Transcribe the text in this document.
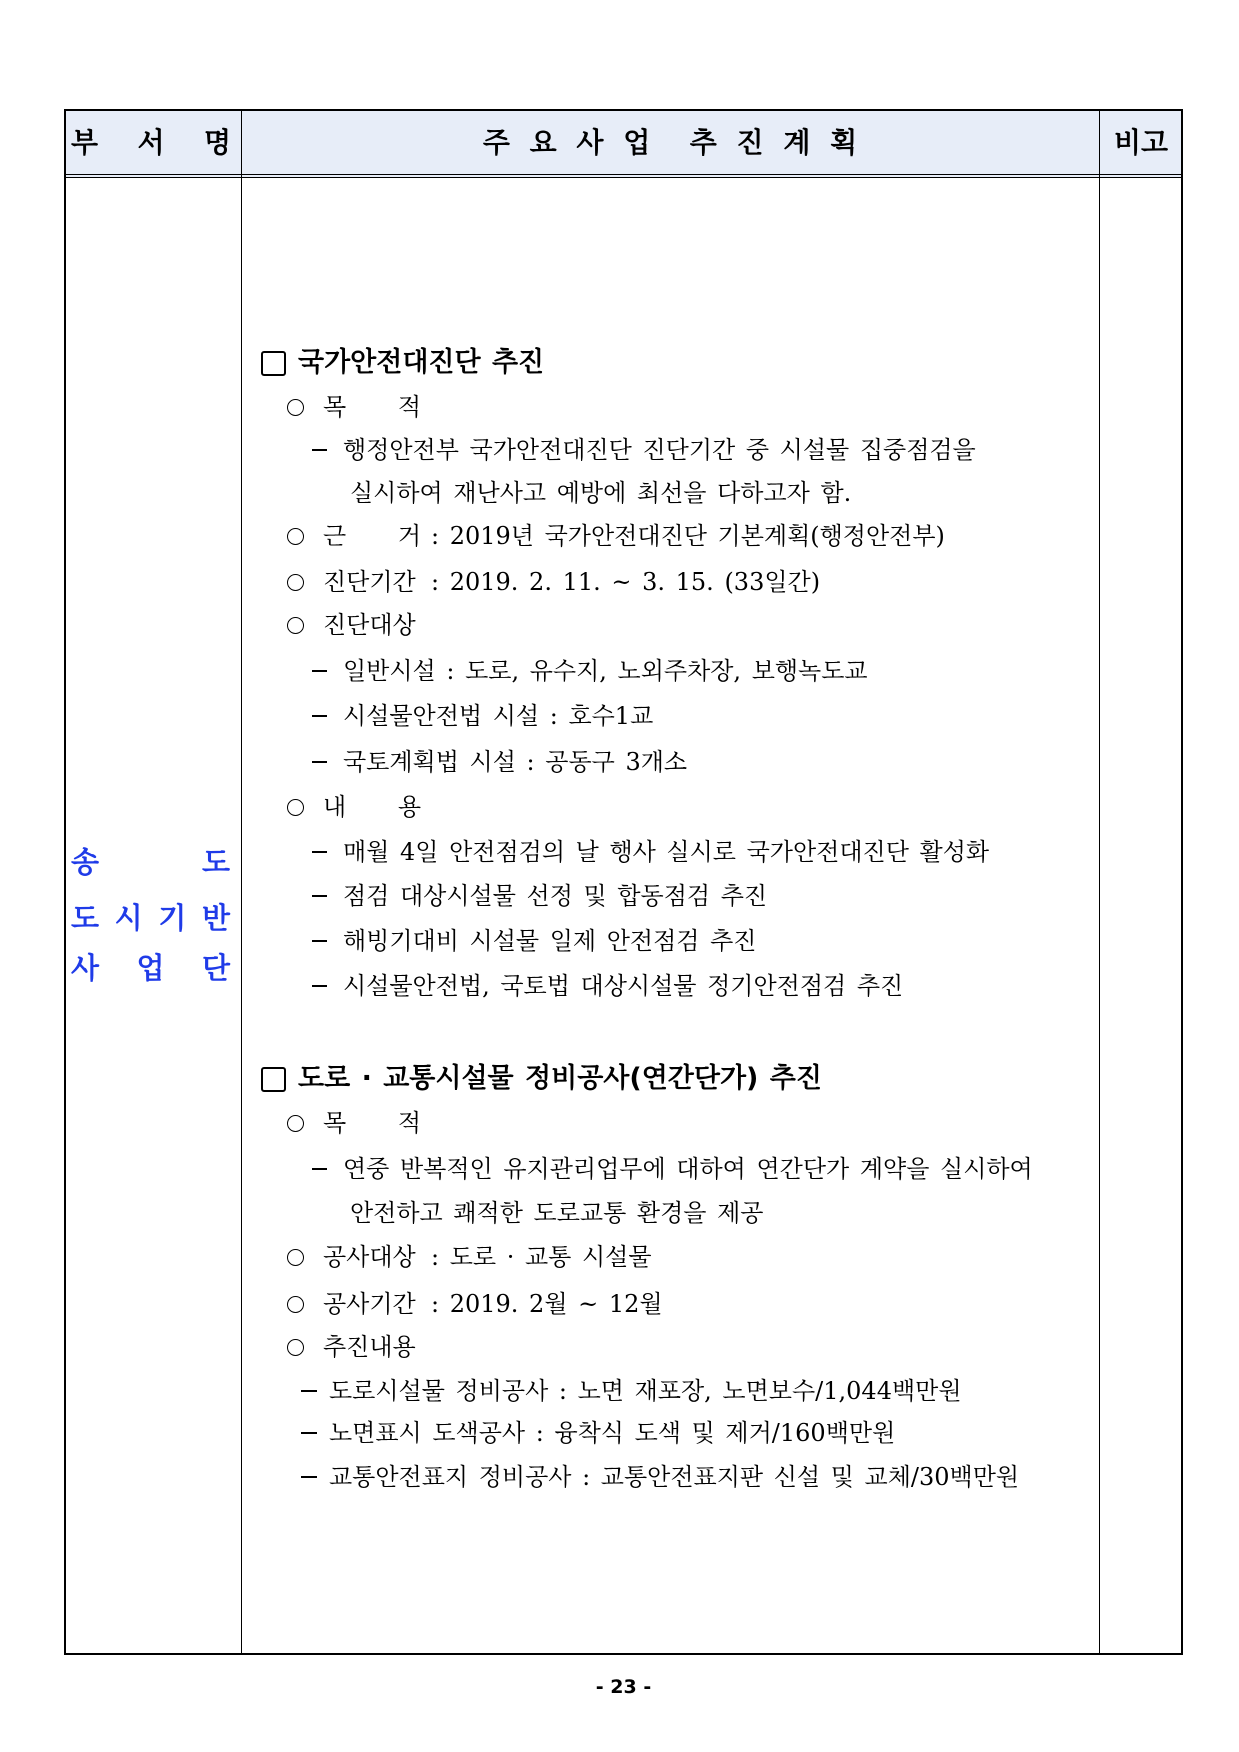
부 서 명	주 요 사 업  추 진 계 획	비고
송 도
도 시 기 반
사 업 단
국가안전대진단 추진
목 적
행정안전부 국가안전대진단 진단기간 중 시설물 집중점검을
실시하여 재난사고 예방에 최선을 다하고자 함.
근 거 : 2019년 국가안전대진단 기본계획(행정안전부)
진단기간 : 2019. 2. 11. ~ 3. 15. (33일간)
진단대상
일반시설 : 도로, 유수지, 노외주차장, 보행녹도교
시설물안전법 시설 : 호수1교
국토계획법 시설 : 공동구 3개소
내 용
매월 4일 안전점검의 날 행사 실시로 국가안전대진단 활성화
점검 대상시설물 선정 및 합동점검 추진
해빙기대비 시설물 일제 안전점검 추진
시설물안전법, 국토법 대상시설물 정기안전점검 추진
도로 · 교통시설물 정비공사(연간단가) 추진
목 적
연중 반복적인 유지관리업무에 대하여 연간단가 계약을 실시하여
안전하고 쾌적한 도로교통 환경을 제공
공사대상 : 도로 · 교통 시설물
공사기간 : 2019. 2월 ~ 12월
추진내용
도로시설물 정비공사 : 노면 재포장, 노면보수/1,044백만원
노면표시 도색공사 : 융착식 도색 및 제거/160백만원
교통안전표지 정비공사 : 교통안전표지판 신설 및 교체/30백만원
- 23 -
